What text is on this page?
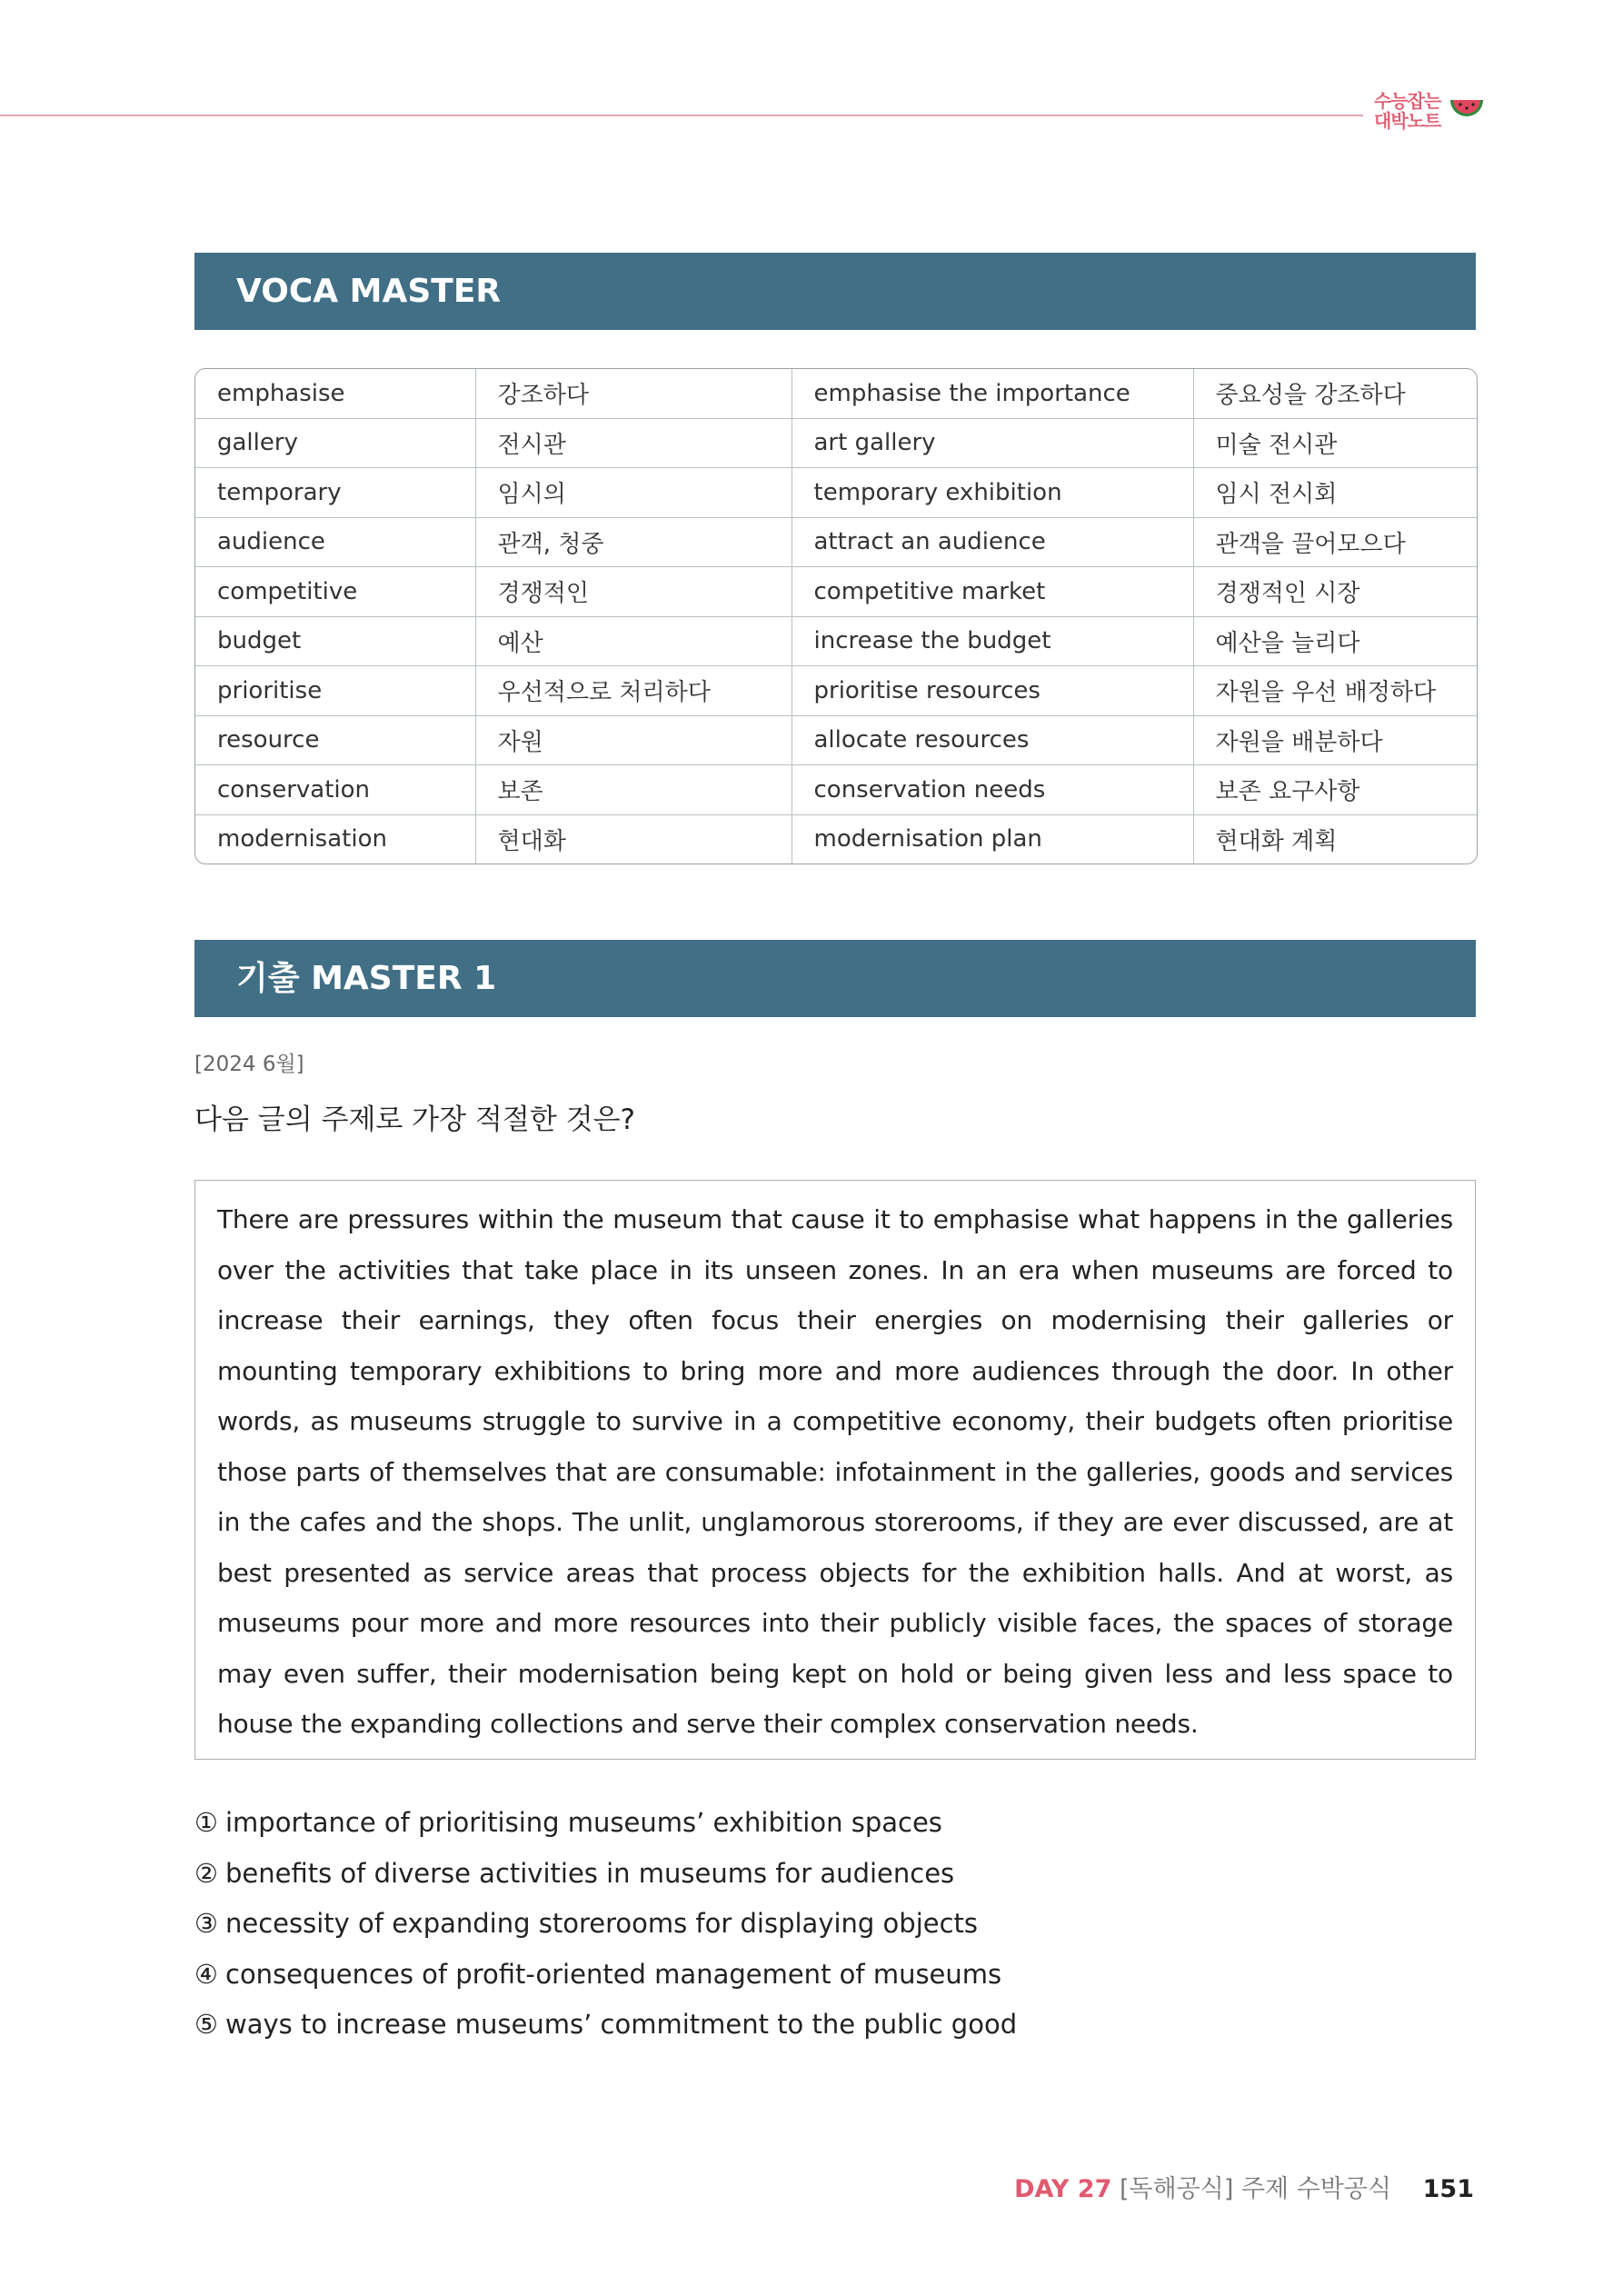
수능잡는
대박노트
VOCA MASTER
emphasise	강조하다	emphasise the importance	중요성을 강조하다
gallery	전시관	art gallery	미술 전시관
temporary	임시의	temporary exhibition	임시 전시회
audience	관객, 청중	attract an audience	관객을 끌어모으다
competitive	경쟁적인	competitive market	경쟁적인 시장
budget	예산	increase the budget	예산을 늘리다
prioritise	우선적으로 처리하다	prioritise resources	자원을 우선 배정하다
resource	자원	allocate resources	자원을 배분하다
conservation	보존	conservation needs	보존 요구사항
modernisation	현대화	modernisation plan	현대화 계획
기출 MASTER 1
[2024 6월]
다음 글의 주제로 가장 적절한 것은?

There are pressures within the museum that cause it to emphasise what happens in the galleries over the activities that take place in its unseen zones. In an era when museums are forced to increase their earnings, they often focus their energies on modernising their galleries or mounting temporary exhibitions to bring more and more audiences through the door. In other words, as museums struggle to survive in a competitive economy, their budgets often prioritise those parts of themselves that are consumable: infotainment in the galleries, goods and services in the cafes and the shops. The unlit, unglamorous storerooms, if they are ever discussed, are at best presented as service areas that process objects for the exhibition halls. And at worst, as museums pour more and more resources into their publicly visible faces, the spaces of storage may even suffer, their modernisation being kept on hold or being given less and less space to house the expanding collections and serve their complex conservation needs.

① importance of prioritising museums’ exhibition spaces
② benefits of diverse activities in museums for audiences
③ necessity of expanding storerooms for displaying objects
④ consequences of profit-oriented management of museums
⑤ ways to increase museums’ commitment to the public good
DAY 27 [독해공식] 주제 수박공식 151
